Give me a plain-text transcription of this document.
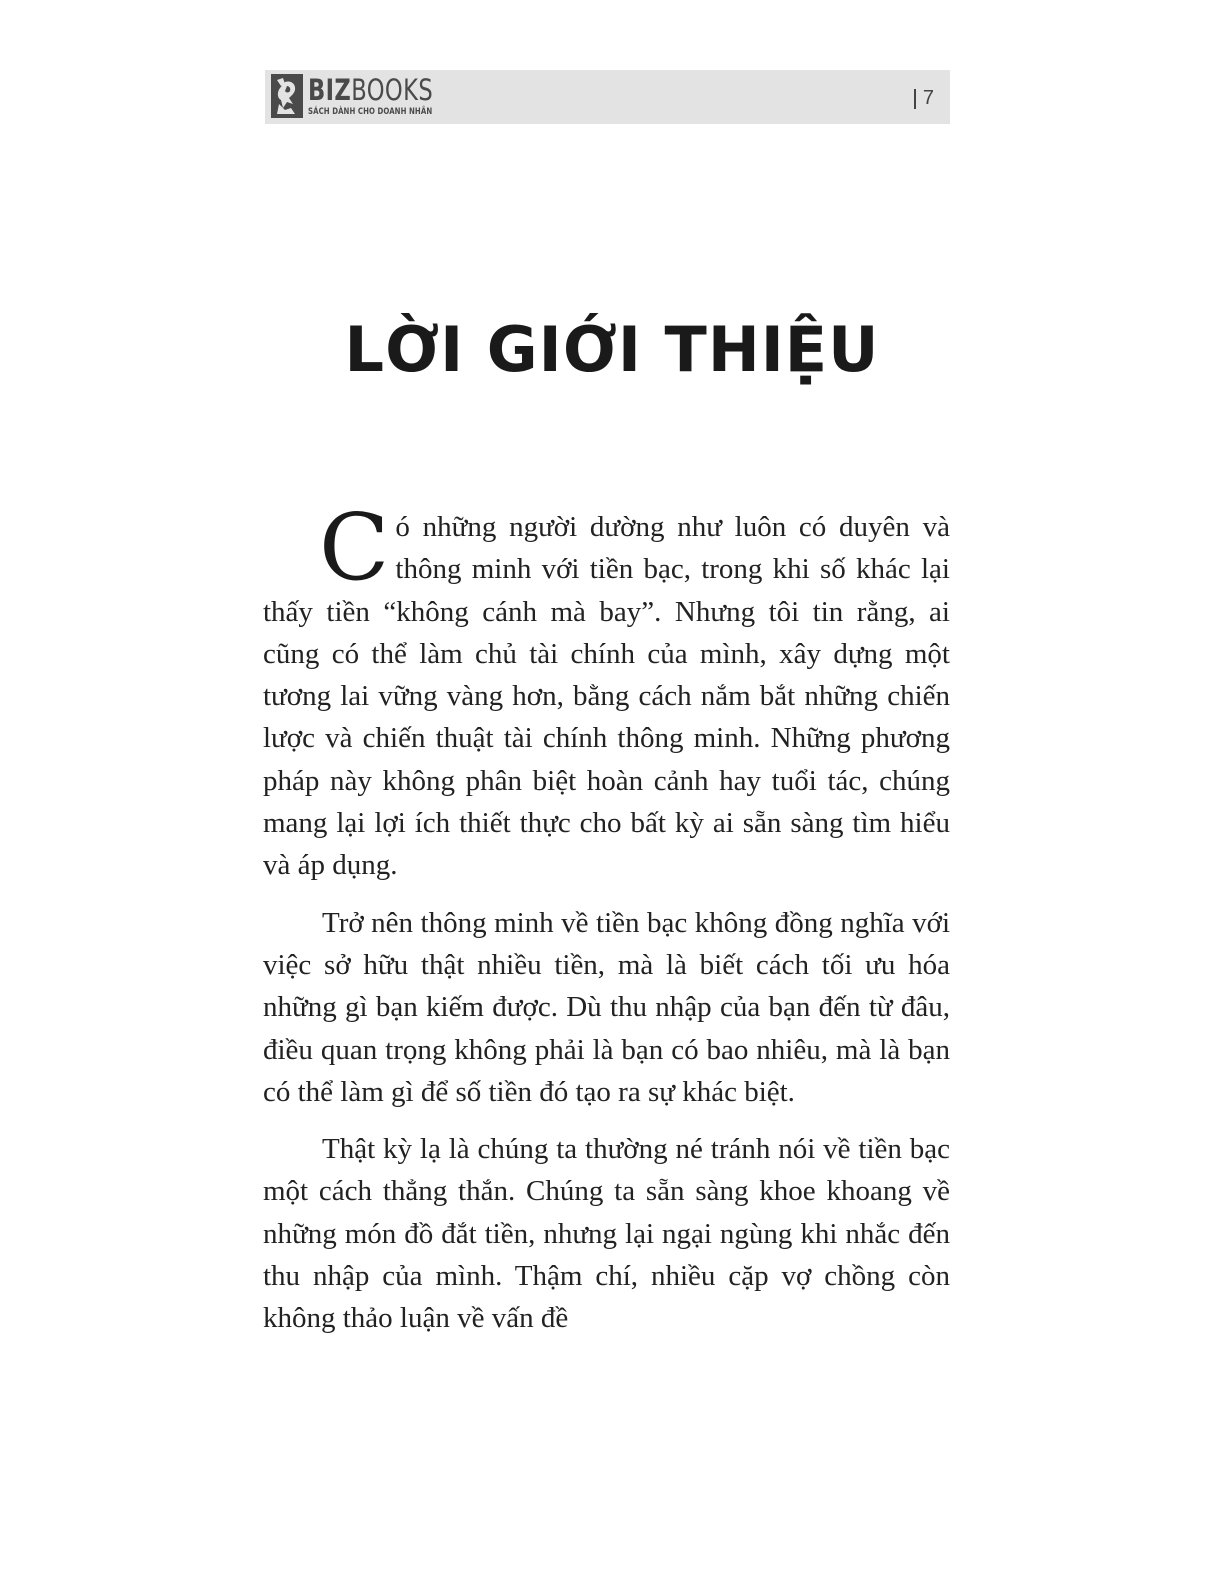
BIZBOOKS
SÁCH DÀNH CHO DOANH NHÂN
7
LỜI GIỚI THIỆU

Có những người dường như luôn có duyên và thông minh với tiền bạc, trong khi số khác lại thấy tiền “không cánh mà bay”. Nhưng tôi tin rằng, ai cũng có thể làm chủ tài chính của mình, xây dựng một tương lai vững vàng hơn, bằng cách nắm bắt những chiến lược và chiến thuật tài chính thông minh. Những phương pháp này không phân biệt hoàn cảnh hay tuổi tác, chúng mang lại lợi ích thiết thực cho bất kỳ ai sẵn sàng tìm hiểu và áp dụng.

Trở nên thông minh về tiền bạc không đồng nghĩa với việc sở hữu thật nhiều tiền, mà là biết cách tối ưu hóa những gì bạn kiếm được. Dù thu nhập của bạn đến từ đâu, điều quan trọng không phải là bạn có bao nhiêu, mà là bạn có thể làm gì để số tiền đó tạo ra sự khác biệt.

Thật kỳ lạ là chúng ta thường né tránh nói về tiền bạc một cách thẳng thắn. Chúng ta sẵn sàng khoe khoang về những món đồ đắt tiền, nhưng lại ngại ngùng khi nhắc đến thu nhập của mình. Thậm chí, nhiều cặp vợ chồng còn không thảo luận về vấn đề
